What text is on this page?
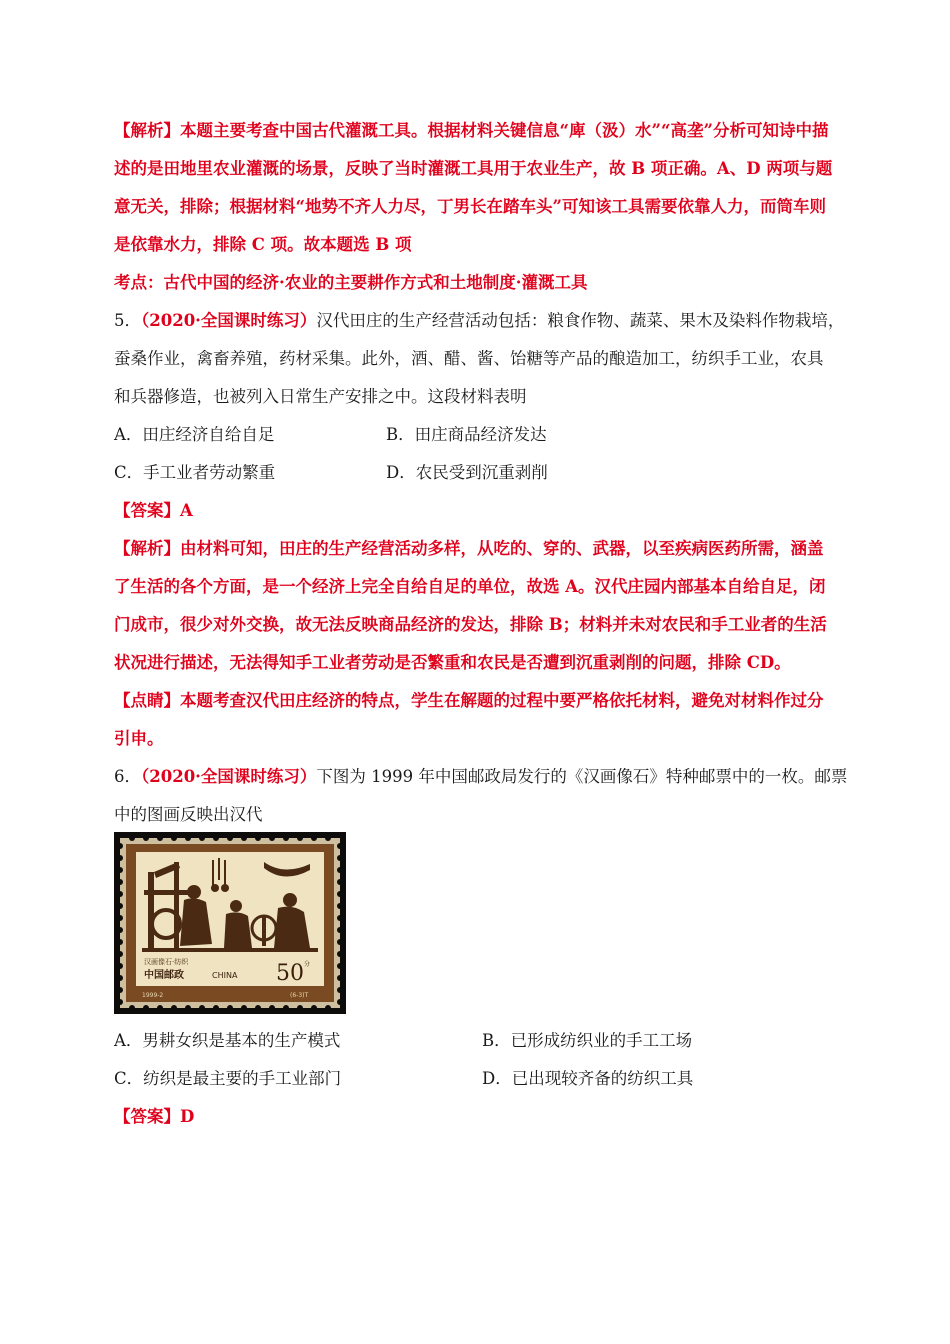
【解析】本题主要考查中国古代灌溉工具。根据材料关键信息“庳（汲）水”“高垄”分析可知诗中描
述的是田地里农业灌溉的场景，反映了当时灌溉工具用于农业生产，故 B 项正确。A、D 两项与题
意无关，排除；根据材料“地势不齐人力尽，丁男长在踏车头”可知该工具需要依靠人力，而筒车则
是依靠水力，排除 C 项。故本题选 B 项
考点：古代中国的经济·农业的主要耕作方式和土地制度·灌溉工具
5．（2020·全国课时练习）汉代田庄的生产经营活动包括：粮食作物、蔬菜、果木及染料作物栽培，
蚕桑作业，禽畜养殖，药材采集。此外，酒、醋、酱、饴糖等产品的酿造加工，纺织手工业，农具
和兵器修造，也被列入日常生产安排之中。这段材料表明
A．田庄经济自给自足	B．田庄商品经济发达
C．手工业者劳动繁重	D．农民受到沉重剥削
【答案】A
【解析】由材料可知，田庄的生产经营活动多样，从吃的、穿的、武器，以至疾病医药所需，涵盖
了生活的各个方面，是一个经济上完全自给自足的单位，故选 A。汉代庄园内部基本自给自足，闭
门成市，很少对外交换，故无法反映商品经济的发达，排除 B；材料并未对农民和手工业者的生活
状况进行描述，无法得知手工业者劳动是否繁重和农民是否遭到沉重剥削的问题，排除 CD。
【点睛】本题考查汉代田庄经济的特点，学生在解题的过程中要严格依托材料，避免对材料作过分
引申。
6．（2020·全国课时练习）下图为 1999 年中国邮政局发行的《汉画像石》特种邮票中的一枚。邮票
中的图画反映出汉代
汉画像石·纺织
中国邮政	CHINA 50 分
1999-2	(6-3)T
A．男耕女织是基本的生产模式	B．已形成纺织业的手工工场
C．纺织是最主要的手工业部门	D．已出现较齐备的纺织工具
【答案】D
